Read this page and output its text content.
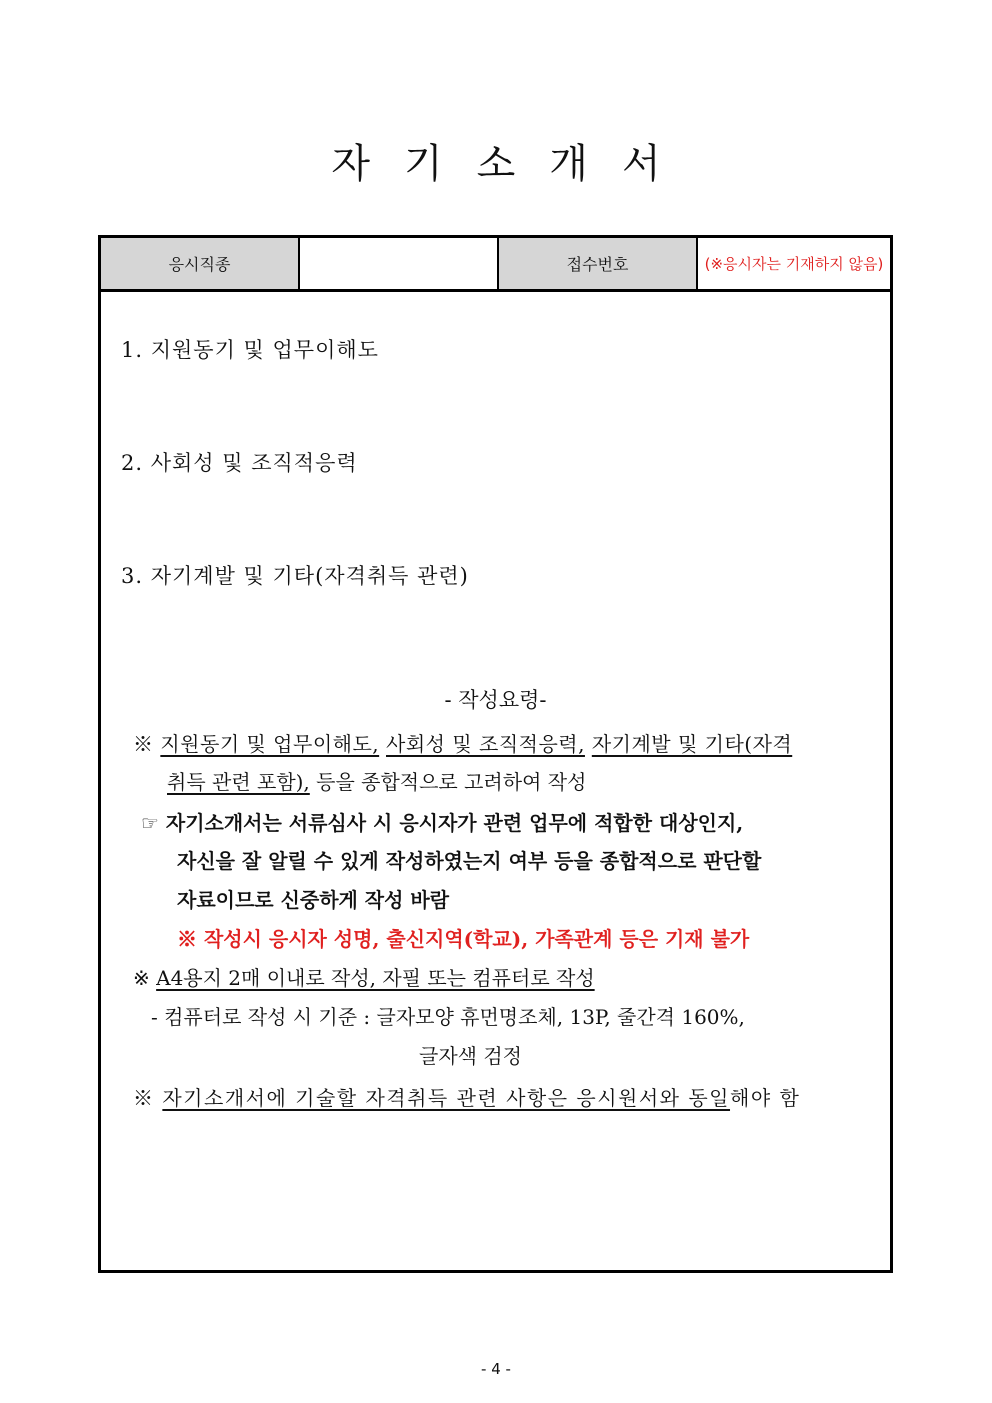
자기소개서
응시직종	접수번호	(※응시자는 기재하지 않음)
1. 지원동기 및 업무이해도
2. 사회성 및 조직적응력
3. 자기계발 및 기타(자격취득 관련)
- 작성요령-
※ 지원동기 및 업무이해도, 사회성 및 조직적응력, 자기계발 및 기타(자격
취득 관련 포함), 등을 종합적으로 고려하여 작성
☞ 자기소개서는 서류심사 시 응시자가 관련 업무에 적합한 대상인지,
자신을 잘 알릴 수 있게 작성하였는지 여부 등을 종합적으로 판단할
자료이므로 신중하게 작성 바람
※ 작성시 응시자 성명, 출신지역(학교), 가족관계 등은 기재 불가
※ A4용지 2매 이내로 작성, 자필 또는 컴퓨터로 작성
- 컴퓨터로 작성 시 기준 : 글자모양 휴먼명조체, 13P, 줄간격 160%,
글자색 검정
※ 자기소개서에 기술할 자격취득 관련 사항은 응시원서와 동일해야 함
- 4 -
